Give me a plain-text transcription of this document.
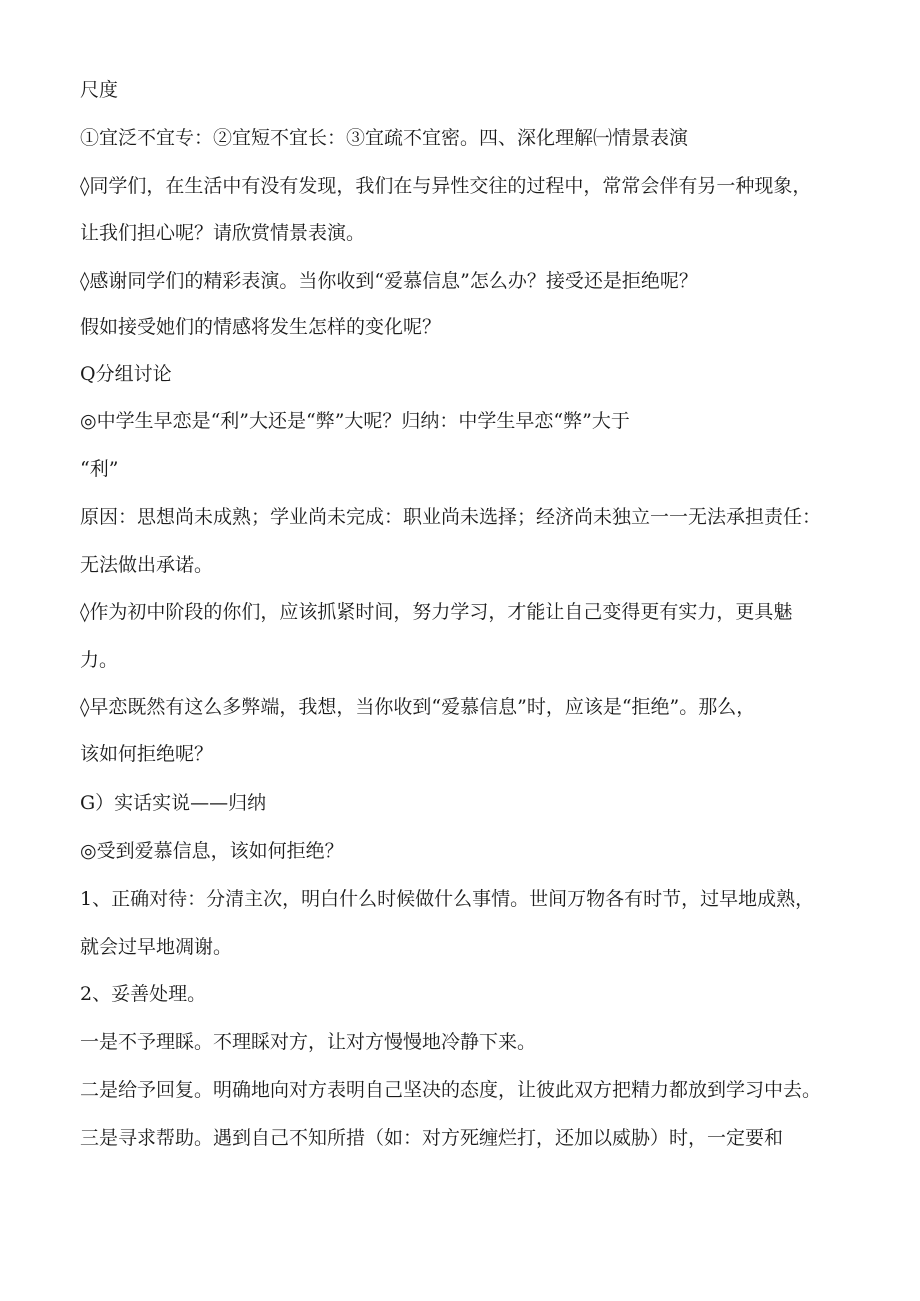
尺度
①宜泛不宜专：②宜短不宜长：③宜疏不宜密。四、深化理解㈠情景表演
◊同学们，在生活中有没有发现，我们在与异性交往的过程中，常常会伴有另一种现象，
让我们担心呢？请欣赏情景表演。
◊感谢同学们的精彩表演。当你收到“爱慕信息”怎么办？接受还是拒绝呢？
假如接受她们的情感将发生怎样的变化呢？
Q分组讨论
◎中学生早恋是“利”大还是“弊”大呢？归纳：中学生早恋“弊”大于
“利”
原因：思想尚未成熟；学业尚未完成：职业尚未选择；经济尚未独立一一无法承担责任：
无法做出承诺。
◊作为初中阶段的你们，应该抓紧时间，努力学习，才能让自己变得更有实力，更具魅
力。
◊早恋既然有这么多弊端，我想，当你收到“爱慕信息”时，应该是“拒绝”。那么，
该如何拒绝呢？
G）实话实说——归纳
◎受到爱慕信息，该如何拒绝？
1、正确对待：分清主次，明白什么时候做什么事情。世间万物各有时节，过早地成熟，
就会过早地凋谢。
2、妥善处理。
一是不予理睬。不理睬对方，让对方慢慢地冷静下来。
二是给予回复。明确地向对方表明自己坚决的态度，让彼此双方把精力都放到学习中去。
三是寻求帮助。遇到自己不知所措（如：对方死缠烂打，还加以威胁）时，一定要和
